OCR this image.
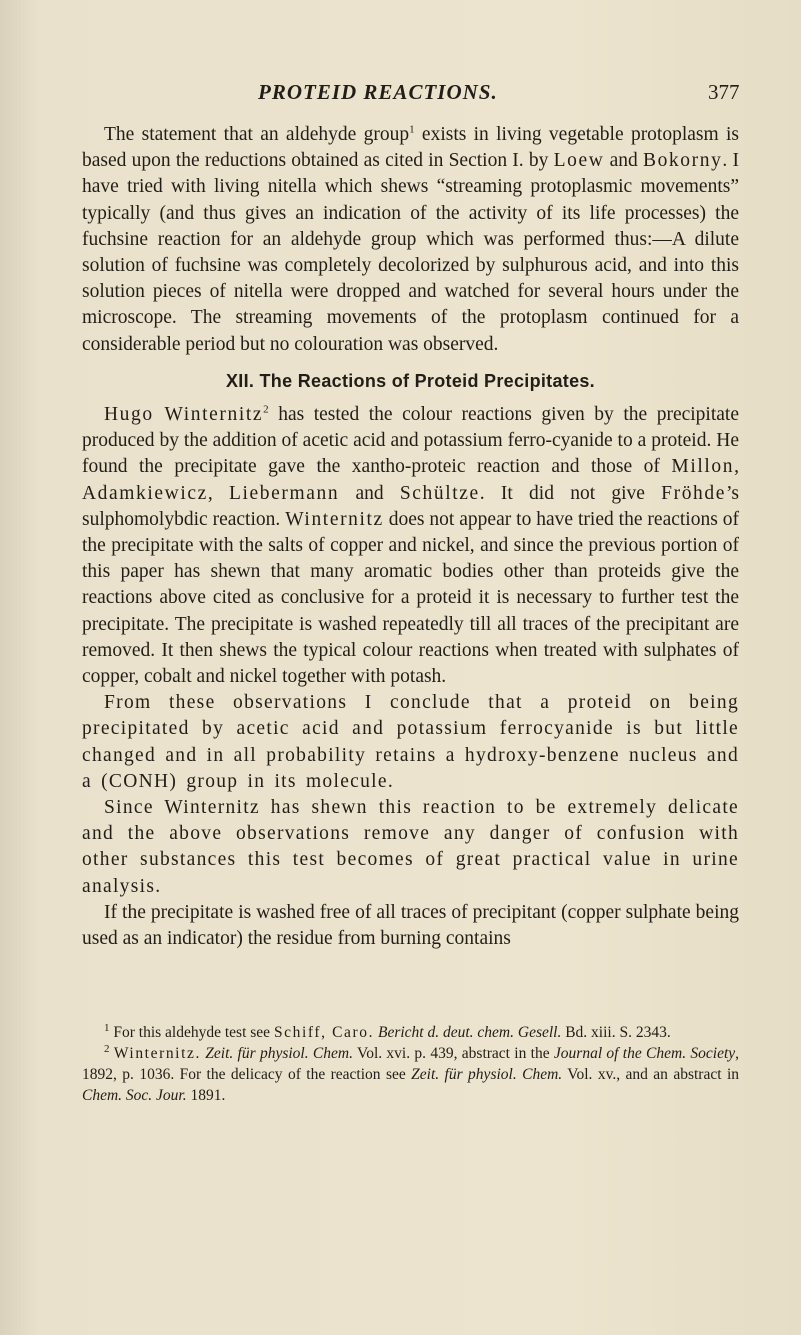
PROTEID REACTIONS.	377

The statement that an aldehyde group$^1$ exists in living vegetable protoplasm is based upon the reductions obtained as cited in Section I. by Loew and Bokorny. I have tried with living nitella which shews “streaming protoplasmic movements” typically (and thus gives an indication of the activity of its life processes) the fuchsine reaction for an aldehyde group which was performed thus:—A dilute solution of fuchsine was completely decolorized by sulphurous acid, and into this solution pieces of nitella were dropped and watched for several hours under the microscope. The streaming movements of the protoplasm continued for a considerable period but no colouration was observed.

XII. The Reactions of Proteid Precipitates.

Hugo Winternitz$^2$ has tested the colour reactions given by the precipitate produced by the addition of acetic acid and potassium ferro-cyanide to a proteid. He found the precipitate gave the xantho-proteic reaction and those of Millon, Adamkiewicz, Liebermann and Schültze. It did not give Fröhde’s sulphomolybdic reaction. Winternitz does not appear to have tried the reactions of the precipitate with the salts of copper and nickel, and since the previous portion of this paper has shewn that many aromatic bodies other than proteids give the reactions above cited as conclusive for a proteid it is necessary to further test the precipitate. The precipitate is washed repeatedly till all traces of the precipitant are removed. It then shews the typical colour reactions when treated with sulphates of copper, cobalt and nickel together with potash.

From these observations I conclude that a proteid on being precipitated by acetic acid and potassium ferrocyanide is but little changed and in all probability retains a hydroxy-benzene nucleus and a (CONH) group in its molecule.

Since Winternitz has shewn this reaction to be extremely delicate and the above observations remove any danger of confusion with other substances this test becomes of great practical value in urine analysis.

If the precipitate is washed free of all traces of precipitant (copper sulphate being used as an indicator) the residue from burning contains

$^1$ For this aldehyde test see Schiff, Caro. Bericht d. deut. chem. Gesell. Bd. xiii. S. 2343.

$^2$ Winternitz. Zeit. für physiol. Chem. Vol. xvi. p. 439, abstract in the Journal of the Chem. Society, 1892, p. 1036. For the delicacy of the reaction see Zeit. für physiol. Chem. Vol. xv., and an abstract in Chem. Soc. Jour. 1891.
